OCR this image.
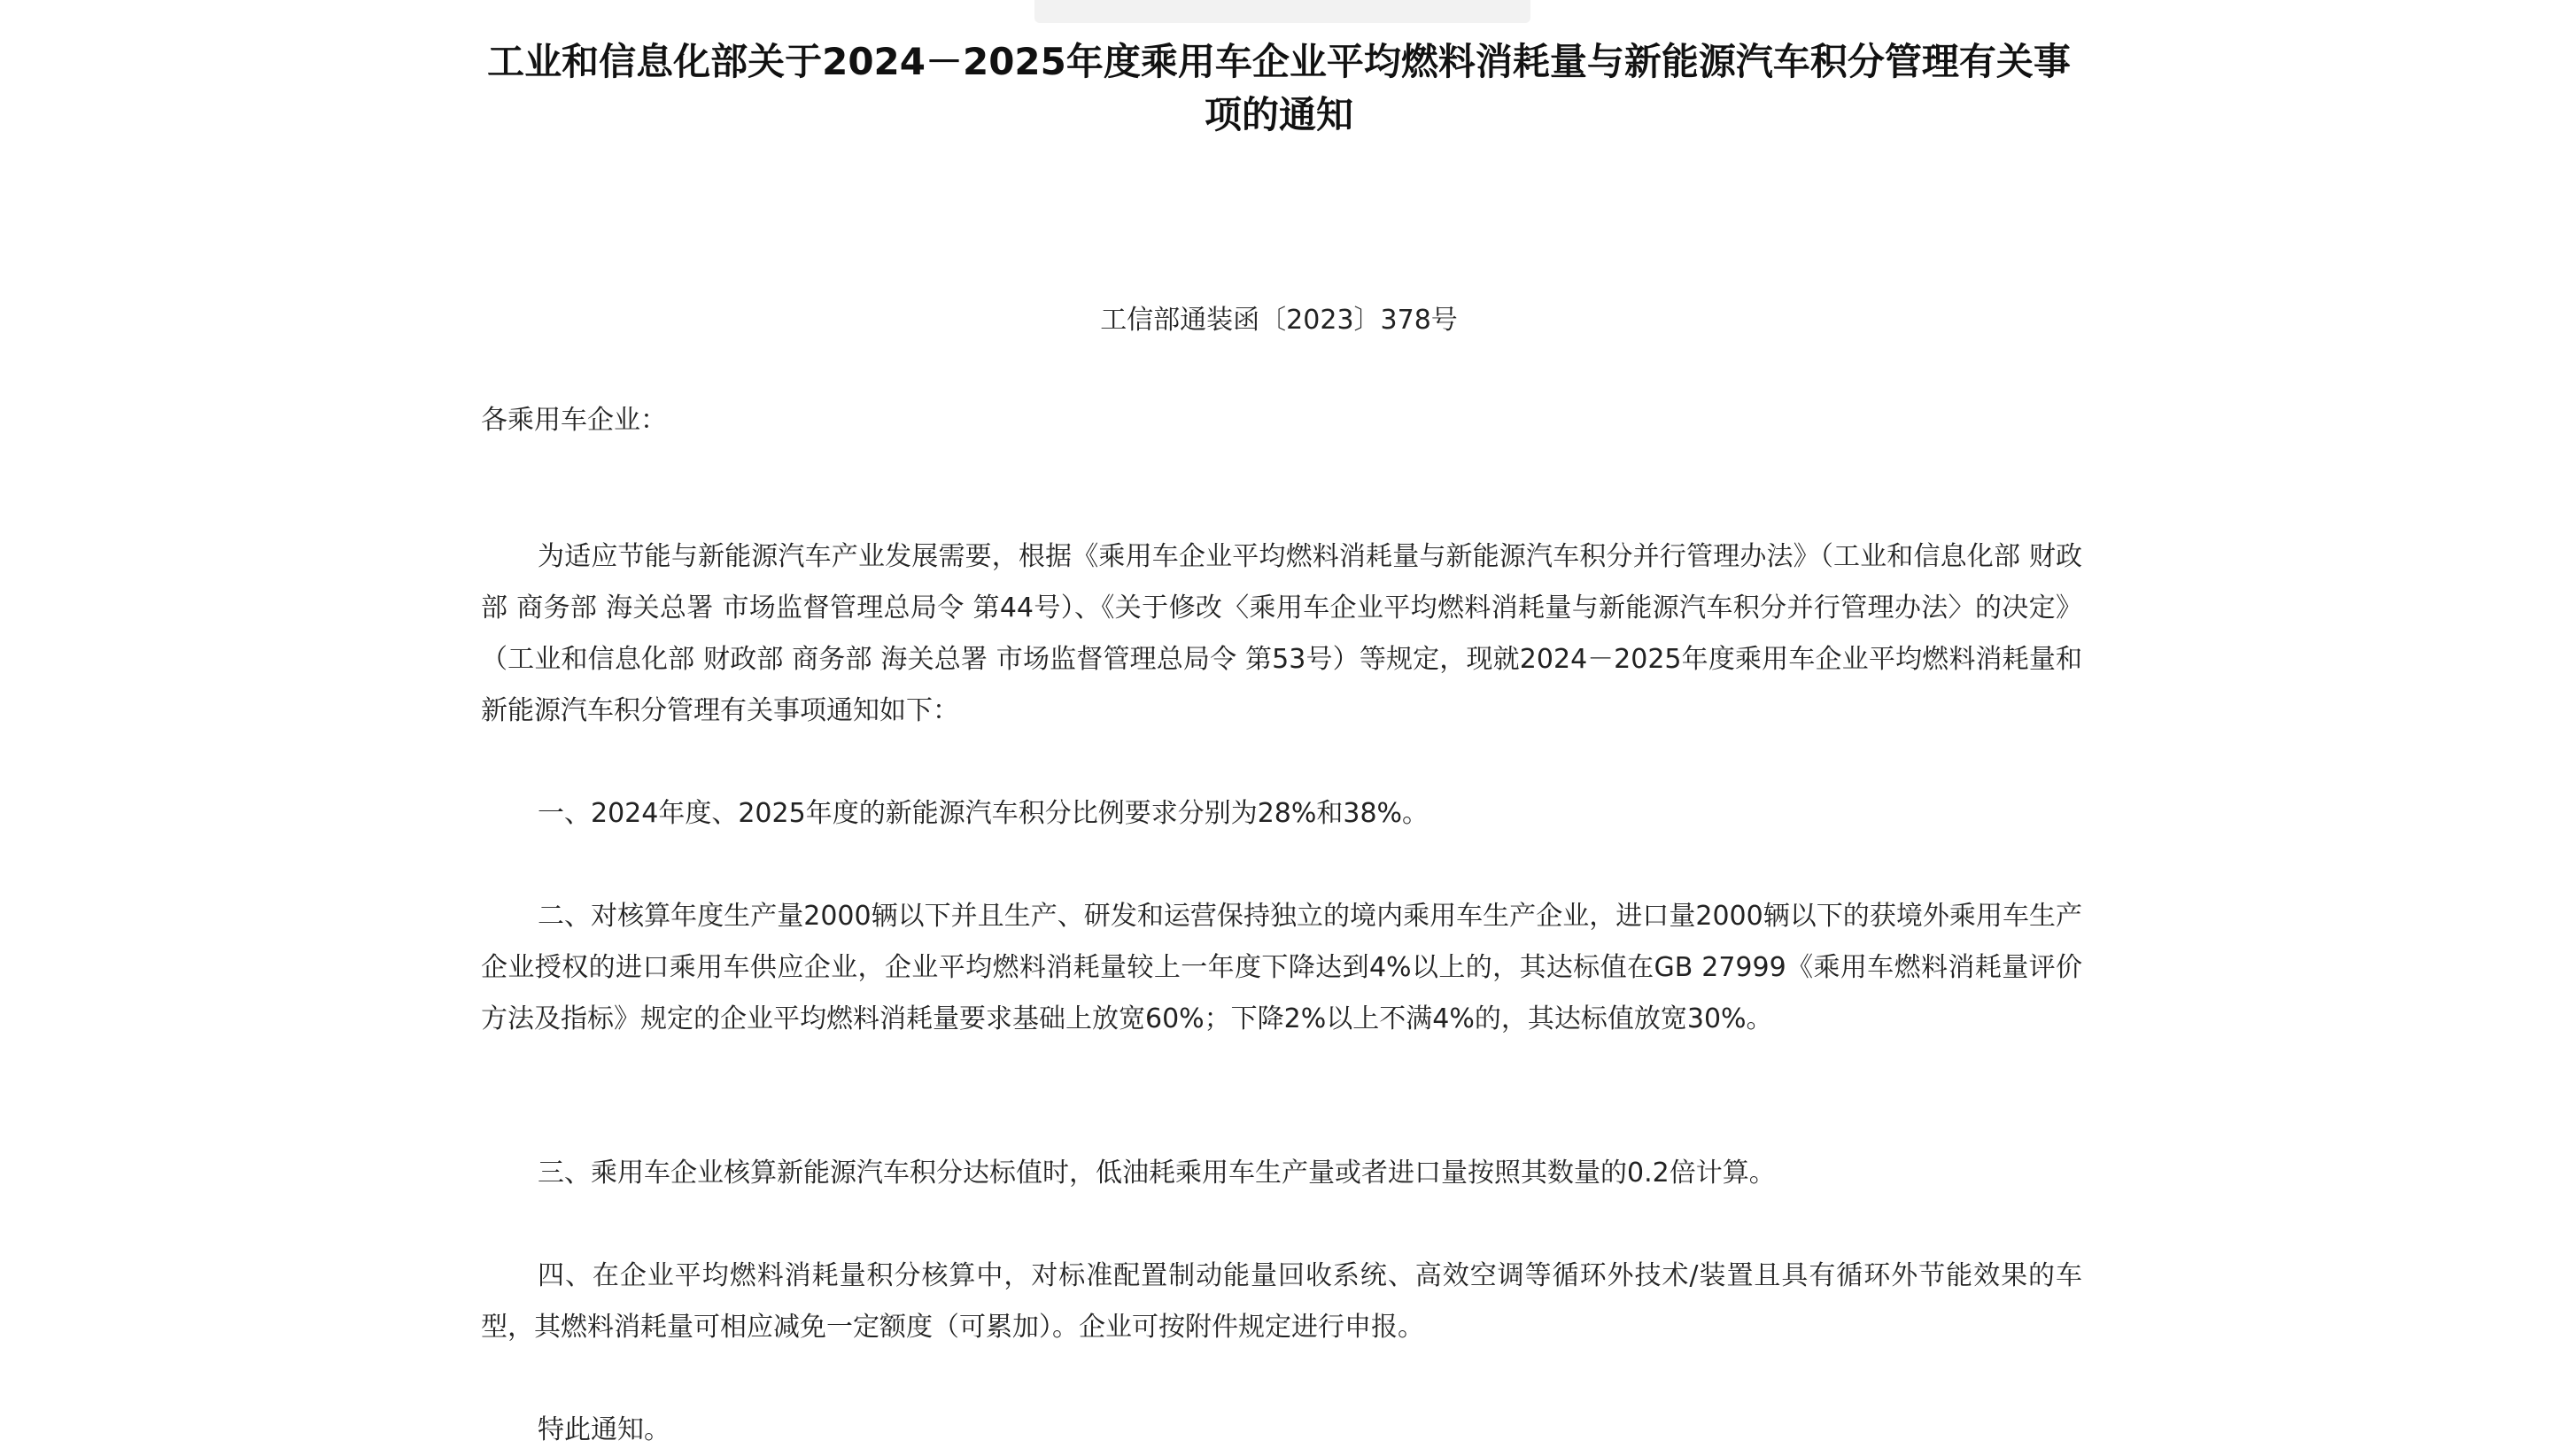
工业和信息化部关于2024－2025年度乘用车企业平均燃料消耗量与新能源汽车积分管理有关事项的通知

工信部通装函〔2023〕378号

各乘用车企业：

为适应节能与新能源汽车产业发展需要，根据《乘用车企业平均燃料消耗量与新能源汽车积分并行管理办法》（工业和信息化部 财政部 商务部 海关总署 市场监督管理总局令 第44号）、《关于修改〈乘用车企业平均燃料消耗量与新能源汽车积分并行管理办法〉的决定》（工业和信息化部 财政部 商务部 海关总署 市场监督管理总局令 第53号）等规定，现就2024－2025年度乘用车企业平均燃料消耗量和新能源汽车积分管理有关事项通知如下：

一、2024年度、2025年度的新能源汽车积分比例要求分别为28%和38%。

二、对核算年度生产量2000辆以下并且生产、研发和运营保持独立的境内乘用车生产企业，进口量2000辆以下的获境外乘用车生产企业授权的进口乘用车供应企业，企业平均燃料消耗量较上一年度下降达到4%以上的，其达标值在GB 27999《乘用车燃料消耗量评价方法及指标》规定的企业平均燃料消耗量要求基础上放宽60%；下降2%以上不满4%的，其达标值放宽30%。

三、乘用车企业核算新能源汽车积分达标值时，低油耗乘用车生产量或者进口量按照其数量的0.2倍计算。

四、在企业平均燃料消耗量积分核算中，对标准配置制动能量回收系统、高效空调等循环外技术/装置且具有循环外节能效果的车型，其燃料消耗量可相应减免一定额度（可累加）。企业可按附件规定进行申报。

特此通知。
